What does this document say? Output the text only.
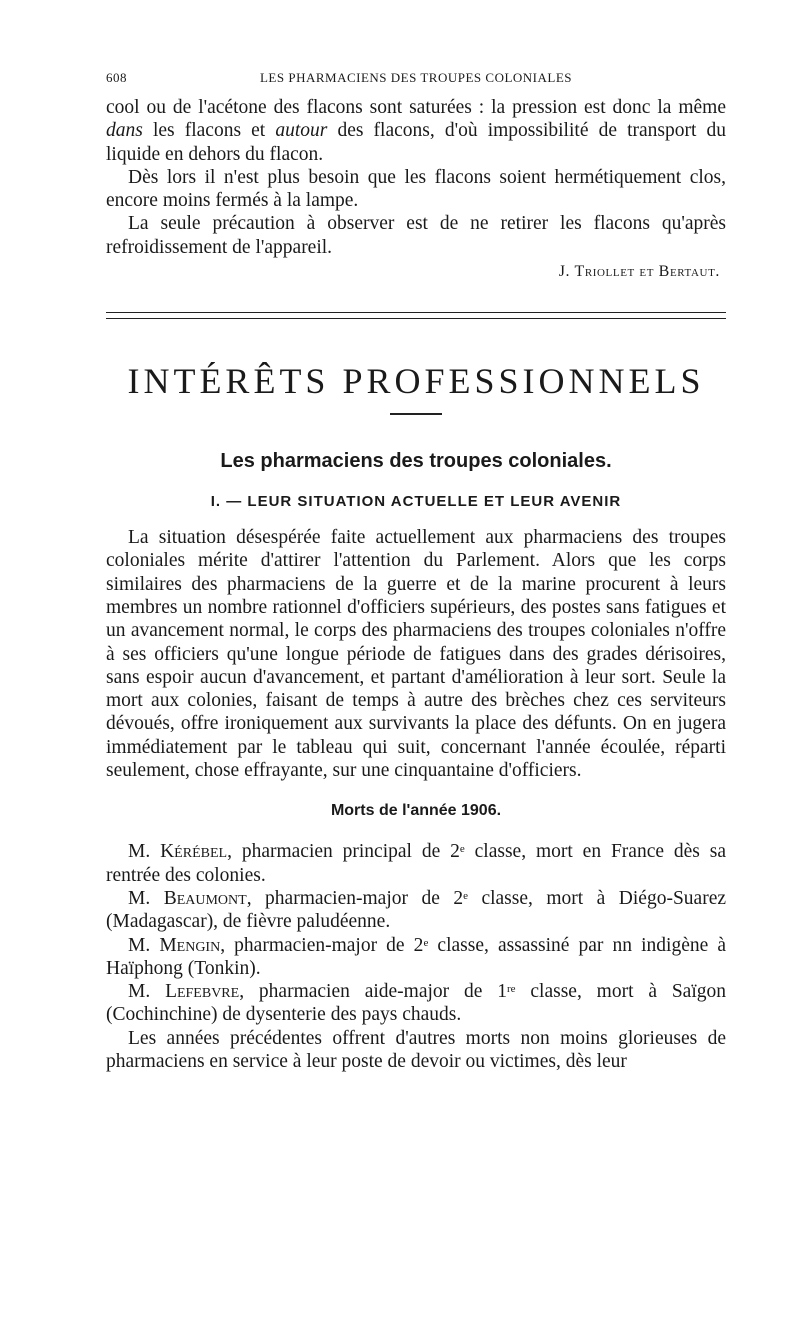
608	LES PHARMACIENS DES TROUPES COLONIALES

cool ou de l'acétone des flacons sont saturées : la pression est donc la même dans les flacons et autour des flacons, d'où impossibilité de transport du liquide en dehors du flacon.

Dès lors il n'est plus besoin que les flacons soient hermétiquement clos, encore moins fermés à la lampe.

La seule précaution à observer est de ne retirer les flacons qu'après refroidissement de l'appareil.

J. Triollet et Bertaut.
INTÉRÊTS PROFESSIONNELS
Les pharmaciens des troupes coloniales.
I. — LEUR SITUATION ACTUELLE ET LEUR AVENIR

La situation désespérée faite actuellement aux pharmaciens des troupes coloniales mérite d'attirer l'attention du Parlement. Alors que les corps similaires des pharmaciens de la guerre et de la marine procurent à leurs membres un nombre rationnel d'officiers supérieurs, des postes sans fatigues et un avancement normal, le corps des pharmaciens des troupes coloniales n'offre à ses officiers qu'une longue période de fatigues dans des grades dérisoires, sans espoir aucun d'avancement, et partant d'amélioration à leur sort. Seule la mort aux colonies, faisant de temps à autre des brèches chez ces serviteurs dévoués, offre ironiquement aux survivants la place des défunts. On en jugera immédiatement par le tableau qui suit, concernant l'année écoulée, réparti seulement, chose effrayante, sur une cinquantaine d'officiers.

Morts de l'année 1906.

M. Kérébel, pharmacien principal de 2e classe, mort en France dès sa rentrée des colonies.

M. Beaumont, pharmacien-major de 2e classe, mort à Diégo-Suarez (Madagascar), de fièvre paludéenne.

M. Mengin, pharmacien-major de 2e classe, assassiné par nn indigène à Haïphong (Tonkin).

M. Lefebvre, pharmacien aide-major de 1re classe, mort à Saïgon (Cochinchine) de dysenterie des pays chauds.

Les années précédentes offrent d'autres morts non moins glorieuses de pharmaciens en service à leur poste de devoir ou victimes, dès leur
